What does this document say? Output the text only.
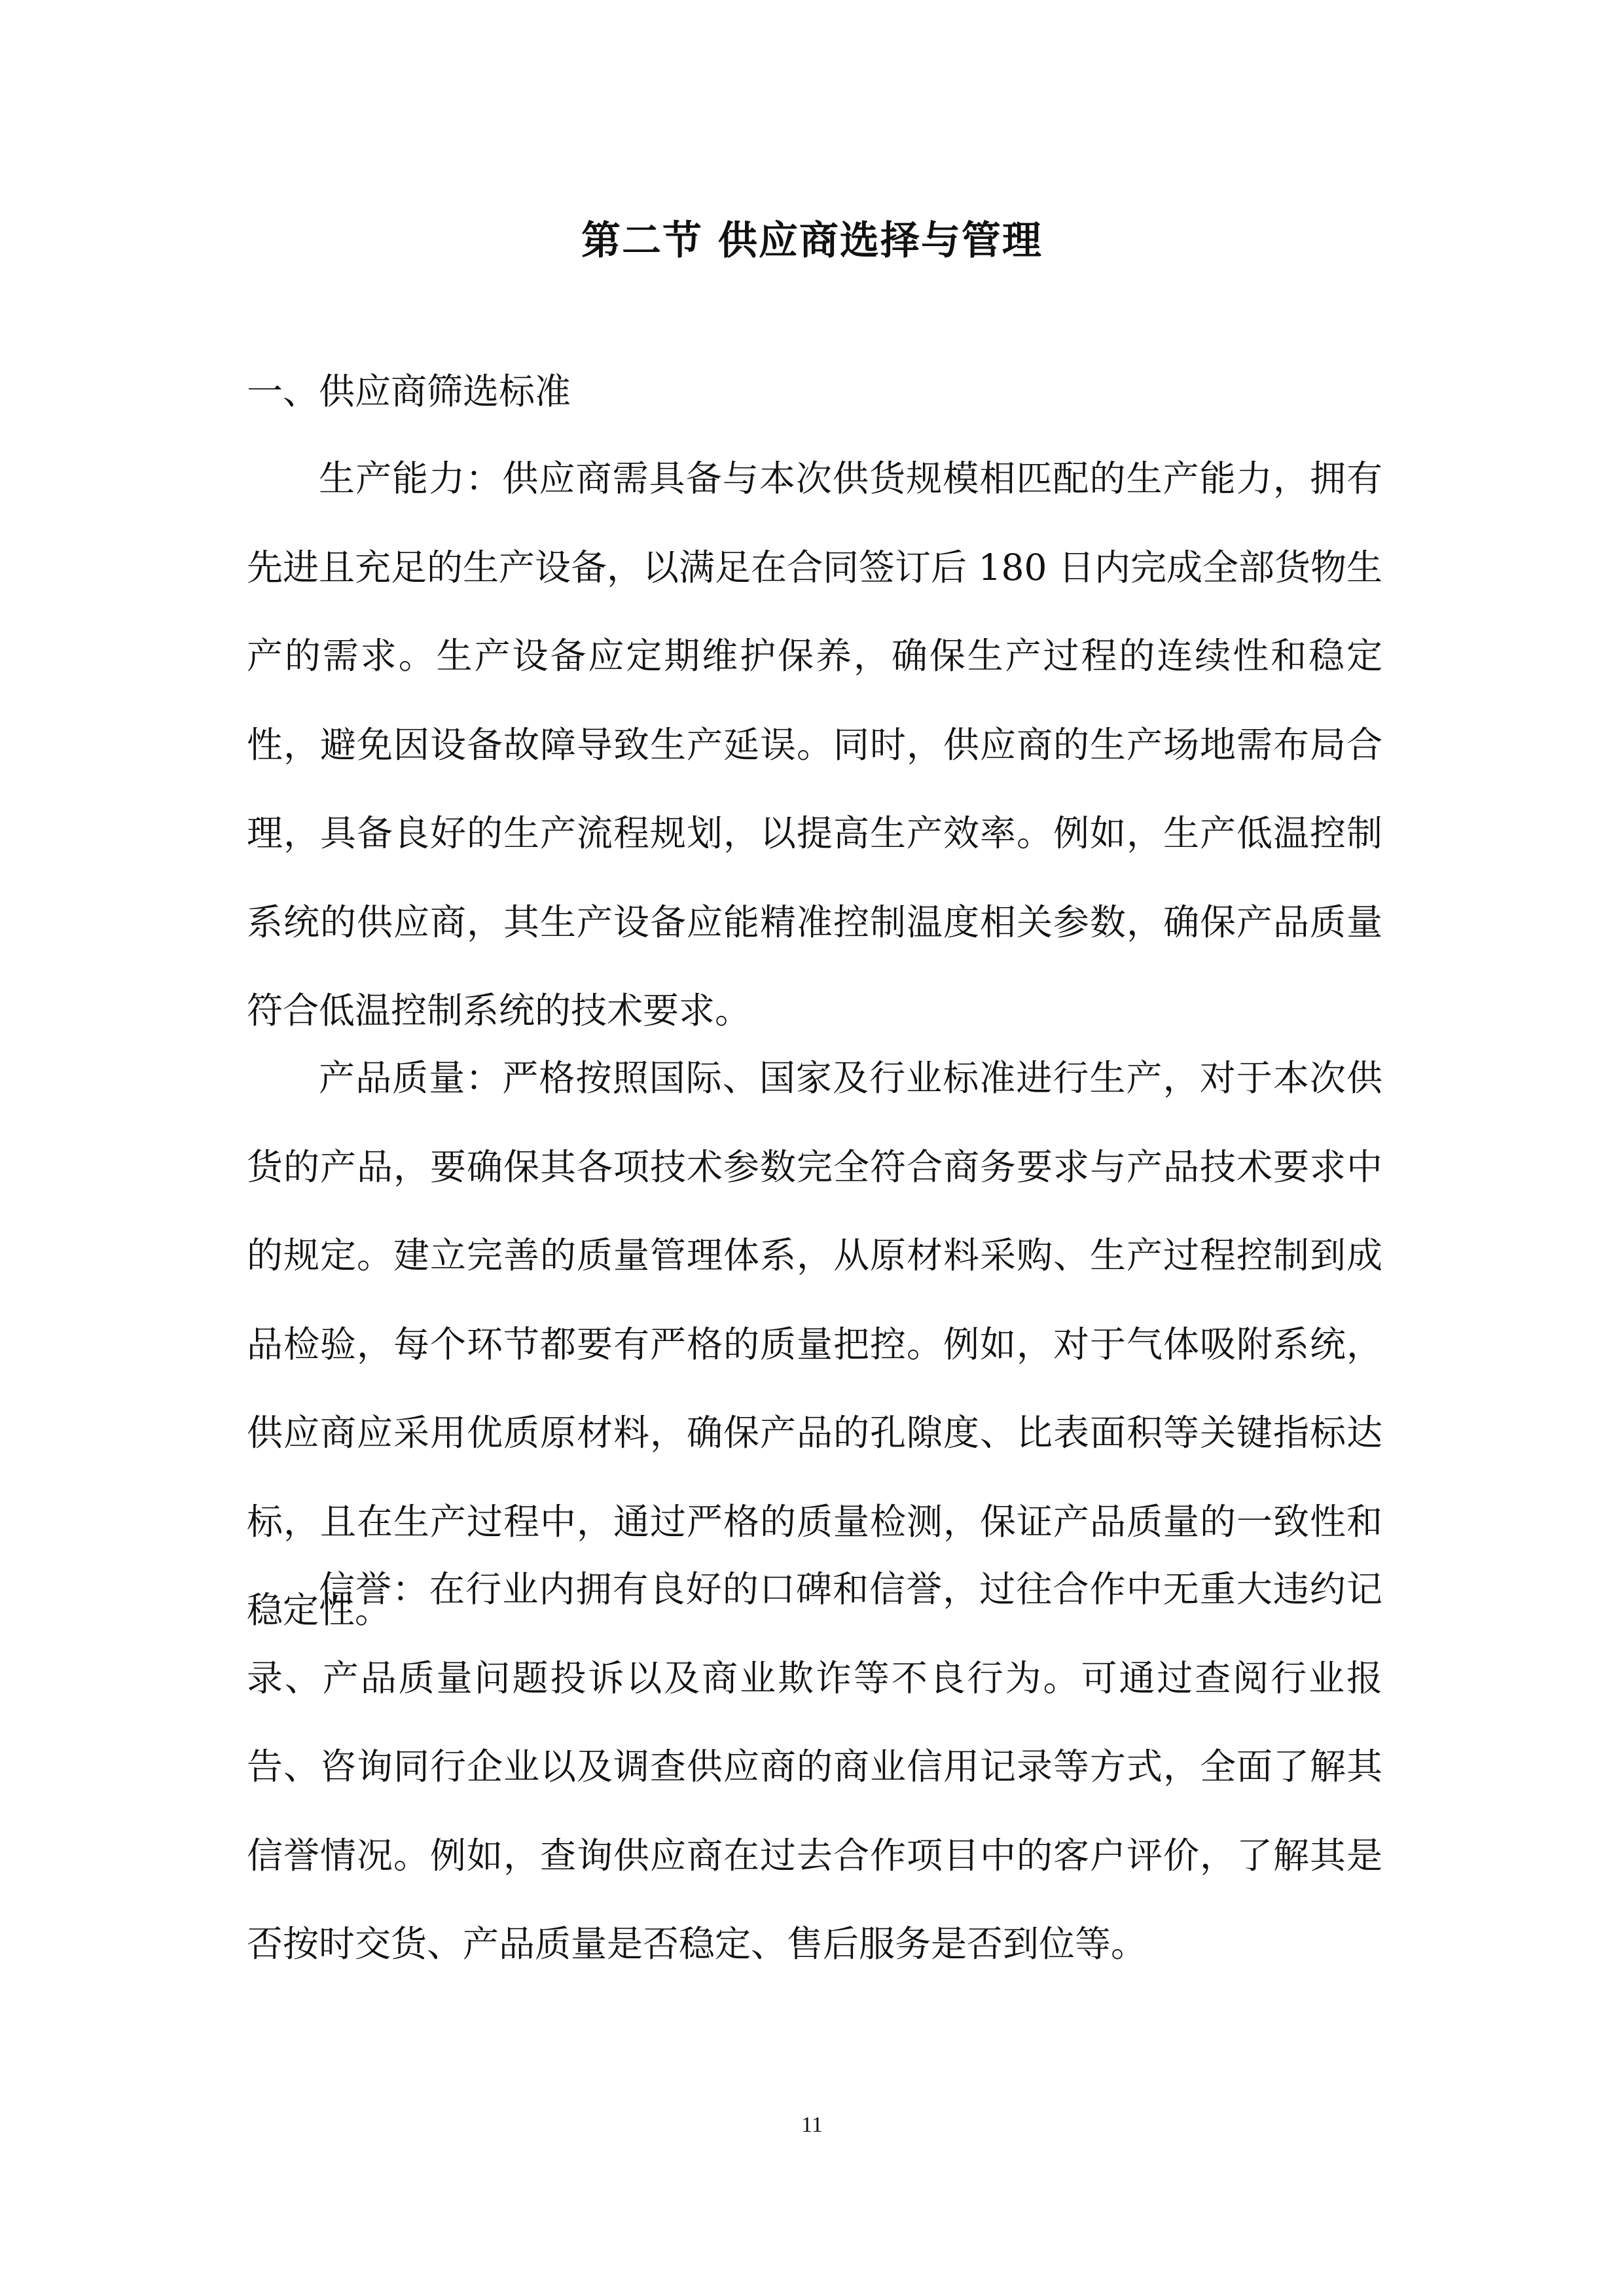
第二节 供应商选择与管理

一、供应商筛选标准

生产能力：供应商需具备与本次供货规模相匹配的生产能力，拥有先进且充足的生产设备，以满足在合同签订后 180 日内完成全部货物生产的需求。生产设备应定期维护保养，确保生产过程的连续性和稳定性，避免因设备故障导致生产延误。同时，供应商的生产场地需布局合理，具备良好的生产流程规划，以提高生产效率。例如，生产低温控制系统的供应商，其生产设备应能精准控制温度相关参数，确保产品质量符合低温控制系统的技术要求。

产品质量：严格按照国际、国家及行业标准进行生产，对于本次供货的产品，要确保其各项技术参数完全符合商务要求与产品技术要求中的规定。建立完善的质量管理体系，从原材料采购、生产过程控制到成品检验，每个环节都要有严格的质量把控。例如，对于气体吸附系统，供应商应采用优质原材料，确保产品的孔隙度、比表面积等关键指标达标，且在生产过程中，通过严格的质量检测，保证产品质量的一致性和稳定性。

信誉：在行业内拥有良好的口碑和信誉，过往合作中无重大违约记录、产品质量问题投诉以及商业欺诈等不良行为。可通过查阅行业报告、咨询同行企业以及调查供应商的商业信用记录等方式，全面了解其信誉情况。例如，查询供应商在过去合作项目中的客户评价，了解其是否按时交货、产品质量是否稳定、售后服务是否到位等。

11
